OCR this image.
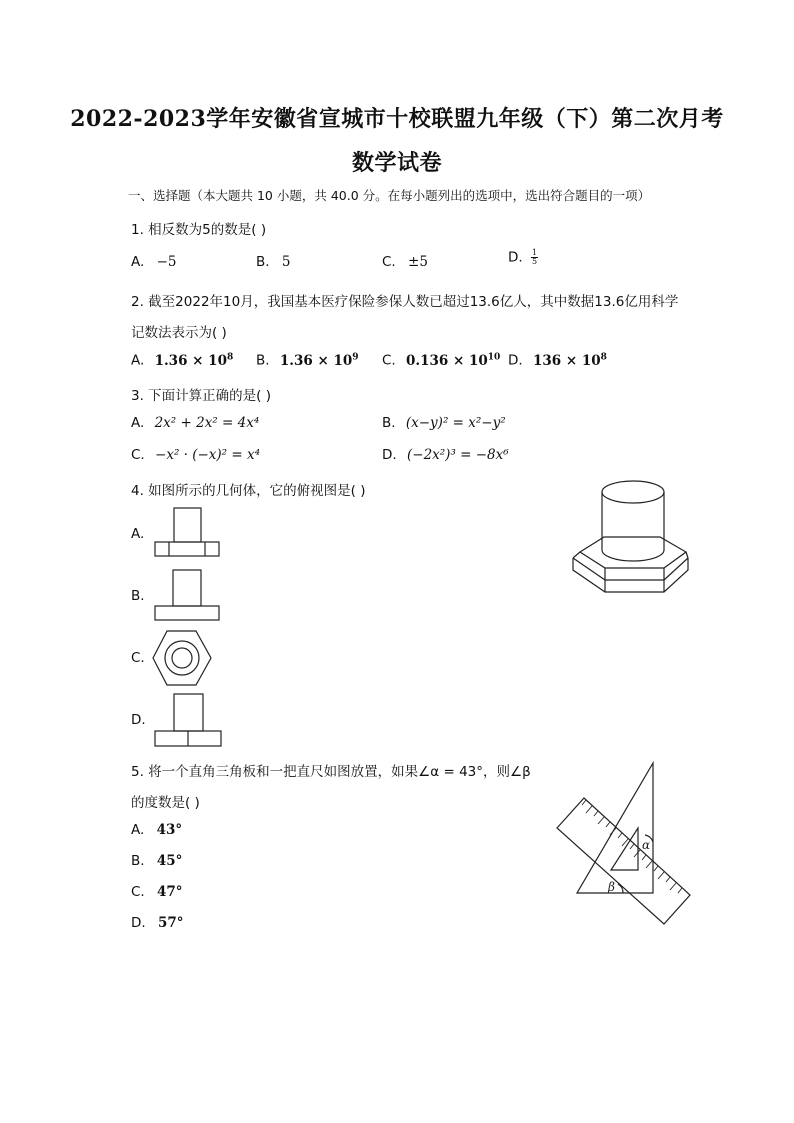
2022-2023学年安徽省宣城市十校联盟九年级（下）第二次月考
数学试卷
一、选择题（本大题共 10 小题，共 40.0 分。在每小题列出的选项中，选出符合题目的一项）
1. 相反数为5的数是( )
A. −5	B. 5	C. ±5	D. $\frac{1}{5}$
2. 截至2022年10月，我国基本医疗保险参保人数已超过13.6亿人，其中数据13.6亿用科学
记数法表示为( )
A. $1.36 \times 10^8$ B. $1.36 \times 10^9$ C. $0.136 \times 10^{10}$ D. $136 \times 10^8$
3. 下面计算正确的是( )
A. 2x² + 2x² = 4x⁴	B. (x−y)² = x²−y²
C. −x² · (−x)² = x⁴	D. (−2x²)³ = −8x⁶
4. 如图所示的几何体，它的俯视图是( )
A.
B.
C.
D.
5. 将一个直角三角板和一把直尺如图放置，如果∠α = 43°，则∠β
的度数是( )
A. 43°
B. 45°
C. 47°
D. 57°
α
β
